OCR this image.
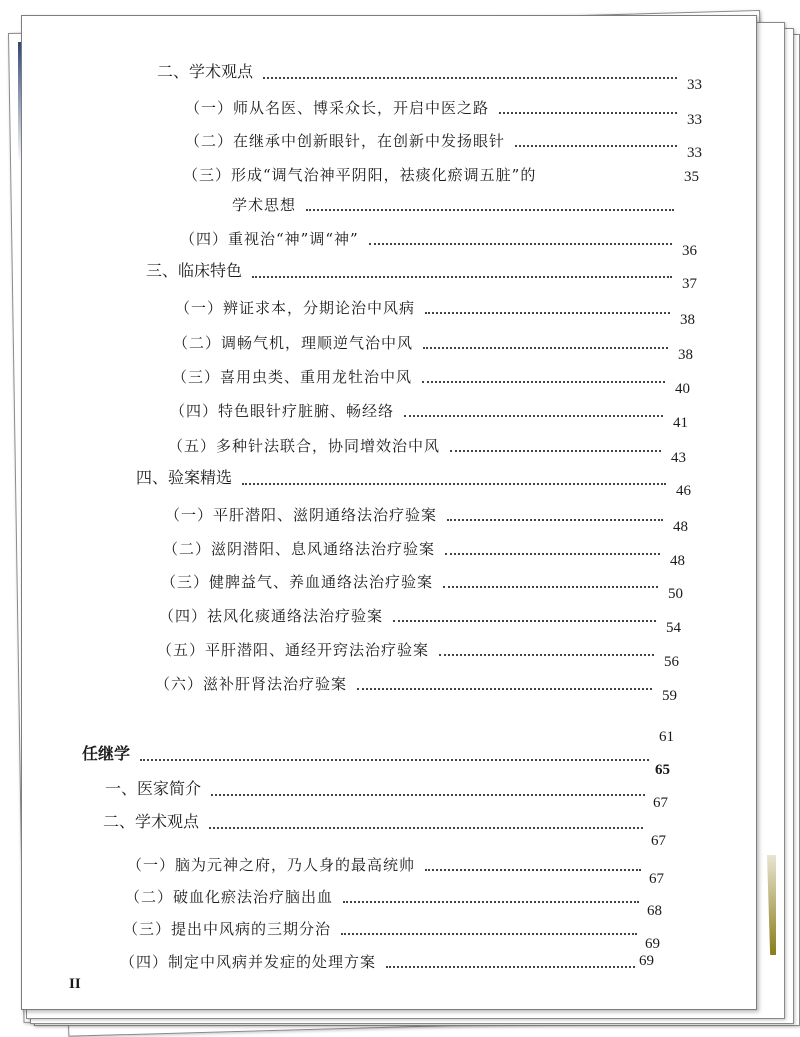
二、学术观点
33
（一）师从名医、博采众长，开启中医之路
33
（二）在继承中创新眼针，在创新中发扬眼针
33
（三）形成“调气治神平阴阳，祛痰化瘀调五脏”的
学术思想
35
（四）重视治“神”调“神”
36
三、临床特色
37
（一）辨证求本，分期论治中风病
38
（二）调畅气机，理顺逆气治中风
38
（三）喜用虫类、重用龙牡治中风
40
（四）特色眼针疗脏腑、畅经络
41
（五）多种针法联合，协同增效治中风
43
四、验案精选
46
（一）平肝潜阳、滋阴通络法治疗验案
48
（二）滋阴潜阳、息风通络法治疗验案
48
（三）健脾益气、养血通络法治疗验案
50
（四）祛风化痰通络法治疗验案
54
（五）平肝潜阳、通经开窍法治疗验案
56
（六）滋补肝肾法治疗验案
59
任继学
61
一、医家简介
65
二、学术观点
67
（一）脑为元神之府，乃人身的最高统帅
67
（二）破血化瘀法治疗脑出血
67
（三）提出中风病的三期分治
68
（四）制定中风病并发症的处理方案
69
69
II
